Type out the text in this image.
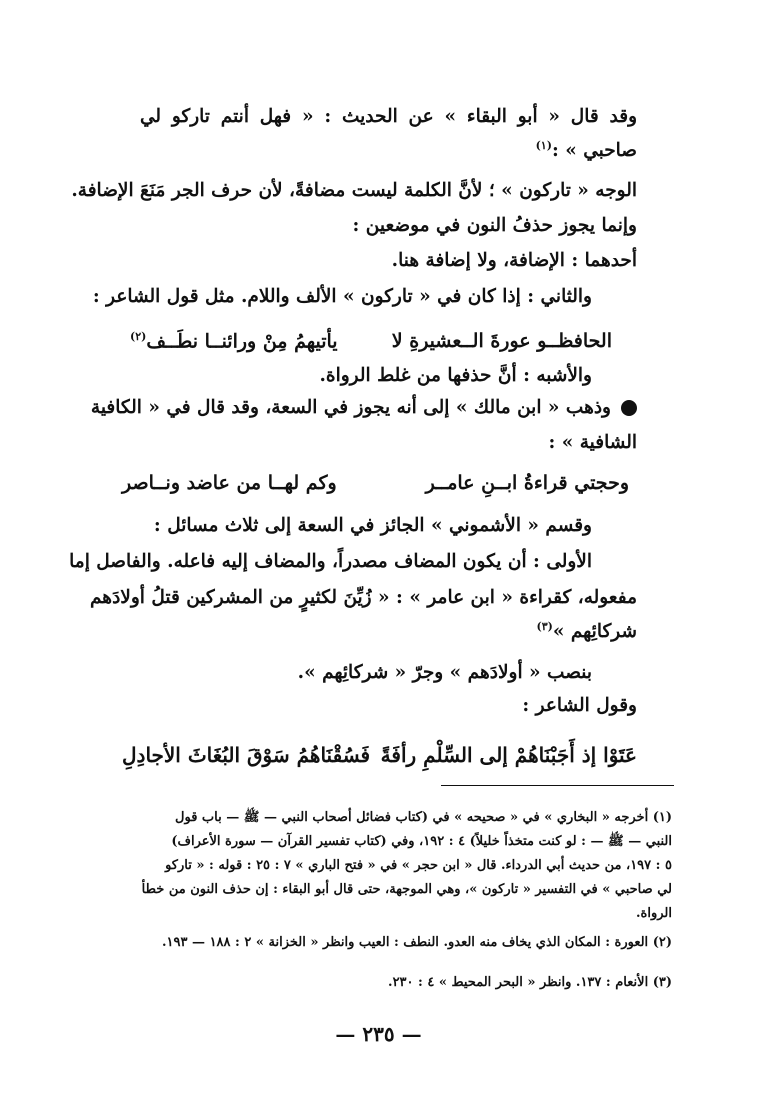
وقد قال « أبو البقاء » عن الحديث : « فهل أنتم تاركو لي
صاحبي » :$^{(١)}$
الوجه « تاركون » ؛ لأنَّ الكلمة ليست مضافةً، لأن حرف الجر مَنَعَ الإضافة.
وإنما يجوز حذفُ النون في موضعين :
أحدهما : الإضافة، ولا إضافة هنا.
والثاني : إذا كان في « تاركون » الألف واللام. مثل قول الشاعر :
الحافظــو عورةَ الــعشيرةِ لا
يأتيهمُ مِنْ ورائنــا نطَــف$^{(٢)}$
والأشبه : أنَّ حذفها من غلط الرواة.
وذهب « ابن مالك » إلى أنه يجوز في السعة، وقد قال في « الكافية
الشافية » :
وحجتي قراءةُ ابــنِ عامــر
وكم لهــا من عاضد ونــاصر
وقسم « الأشموني » الجائز في السعة إلى ثلاث مسائل :
الأولى : أن يكون المضاف مصدراً، والمضاف إليه فاعله. والفاصل إما
مفعوله، كقراءة « ابن عامر » : « زُيِّنَ لكثيرٍ من المشركين قتلُ أولادَهم
شركائِهم »$^{(٣)}$
بنصب « أولادَهم » وجرّ « شركائِهم ».
وقول الشاعر :
عَتَوْا إذ أَجَبْنَاهُمْ إلى السِّلْمِ رأفَةً
فَسُقْنَاهُمُ سَوْقَ البُغَاثَ الأجادِلِ
(١) أخرجه « البخاري » في « صحيحه » في (كتاب فضائل أصحاب النبي — ﷺ — باب قول
النبي — ﷺ — : لو كنت متخذاً خليلاً) ٤ : ١٩٢، وفي (كتاب تفسير القرآن — سورة الأعراف)
٥ : ١٩٧، من حديث أبي الدرداء. قال « ابن حجر » في « فتح الباري » ٧ : ٢٥ : قوله : « تاركو
لي صاحبي » في التفسير « تاركون »، وهي الموجهة، حتى قال أبو البقاء : إن حذف النون من خطأ
الرواة.
(٢) العورة : المكان الذي يخاف منه العدو. النطف : العيب وانظر « الخزانة » ٢ : ١٨٨ — ١٩٣.
(٣) الأنعام : ١٣٧. وانظر « البحر المحيط » ٤ : ٢٣٠.
— ٢٣٥ —
